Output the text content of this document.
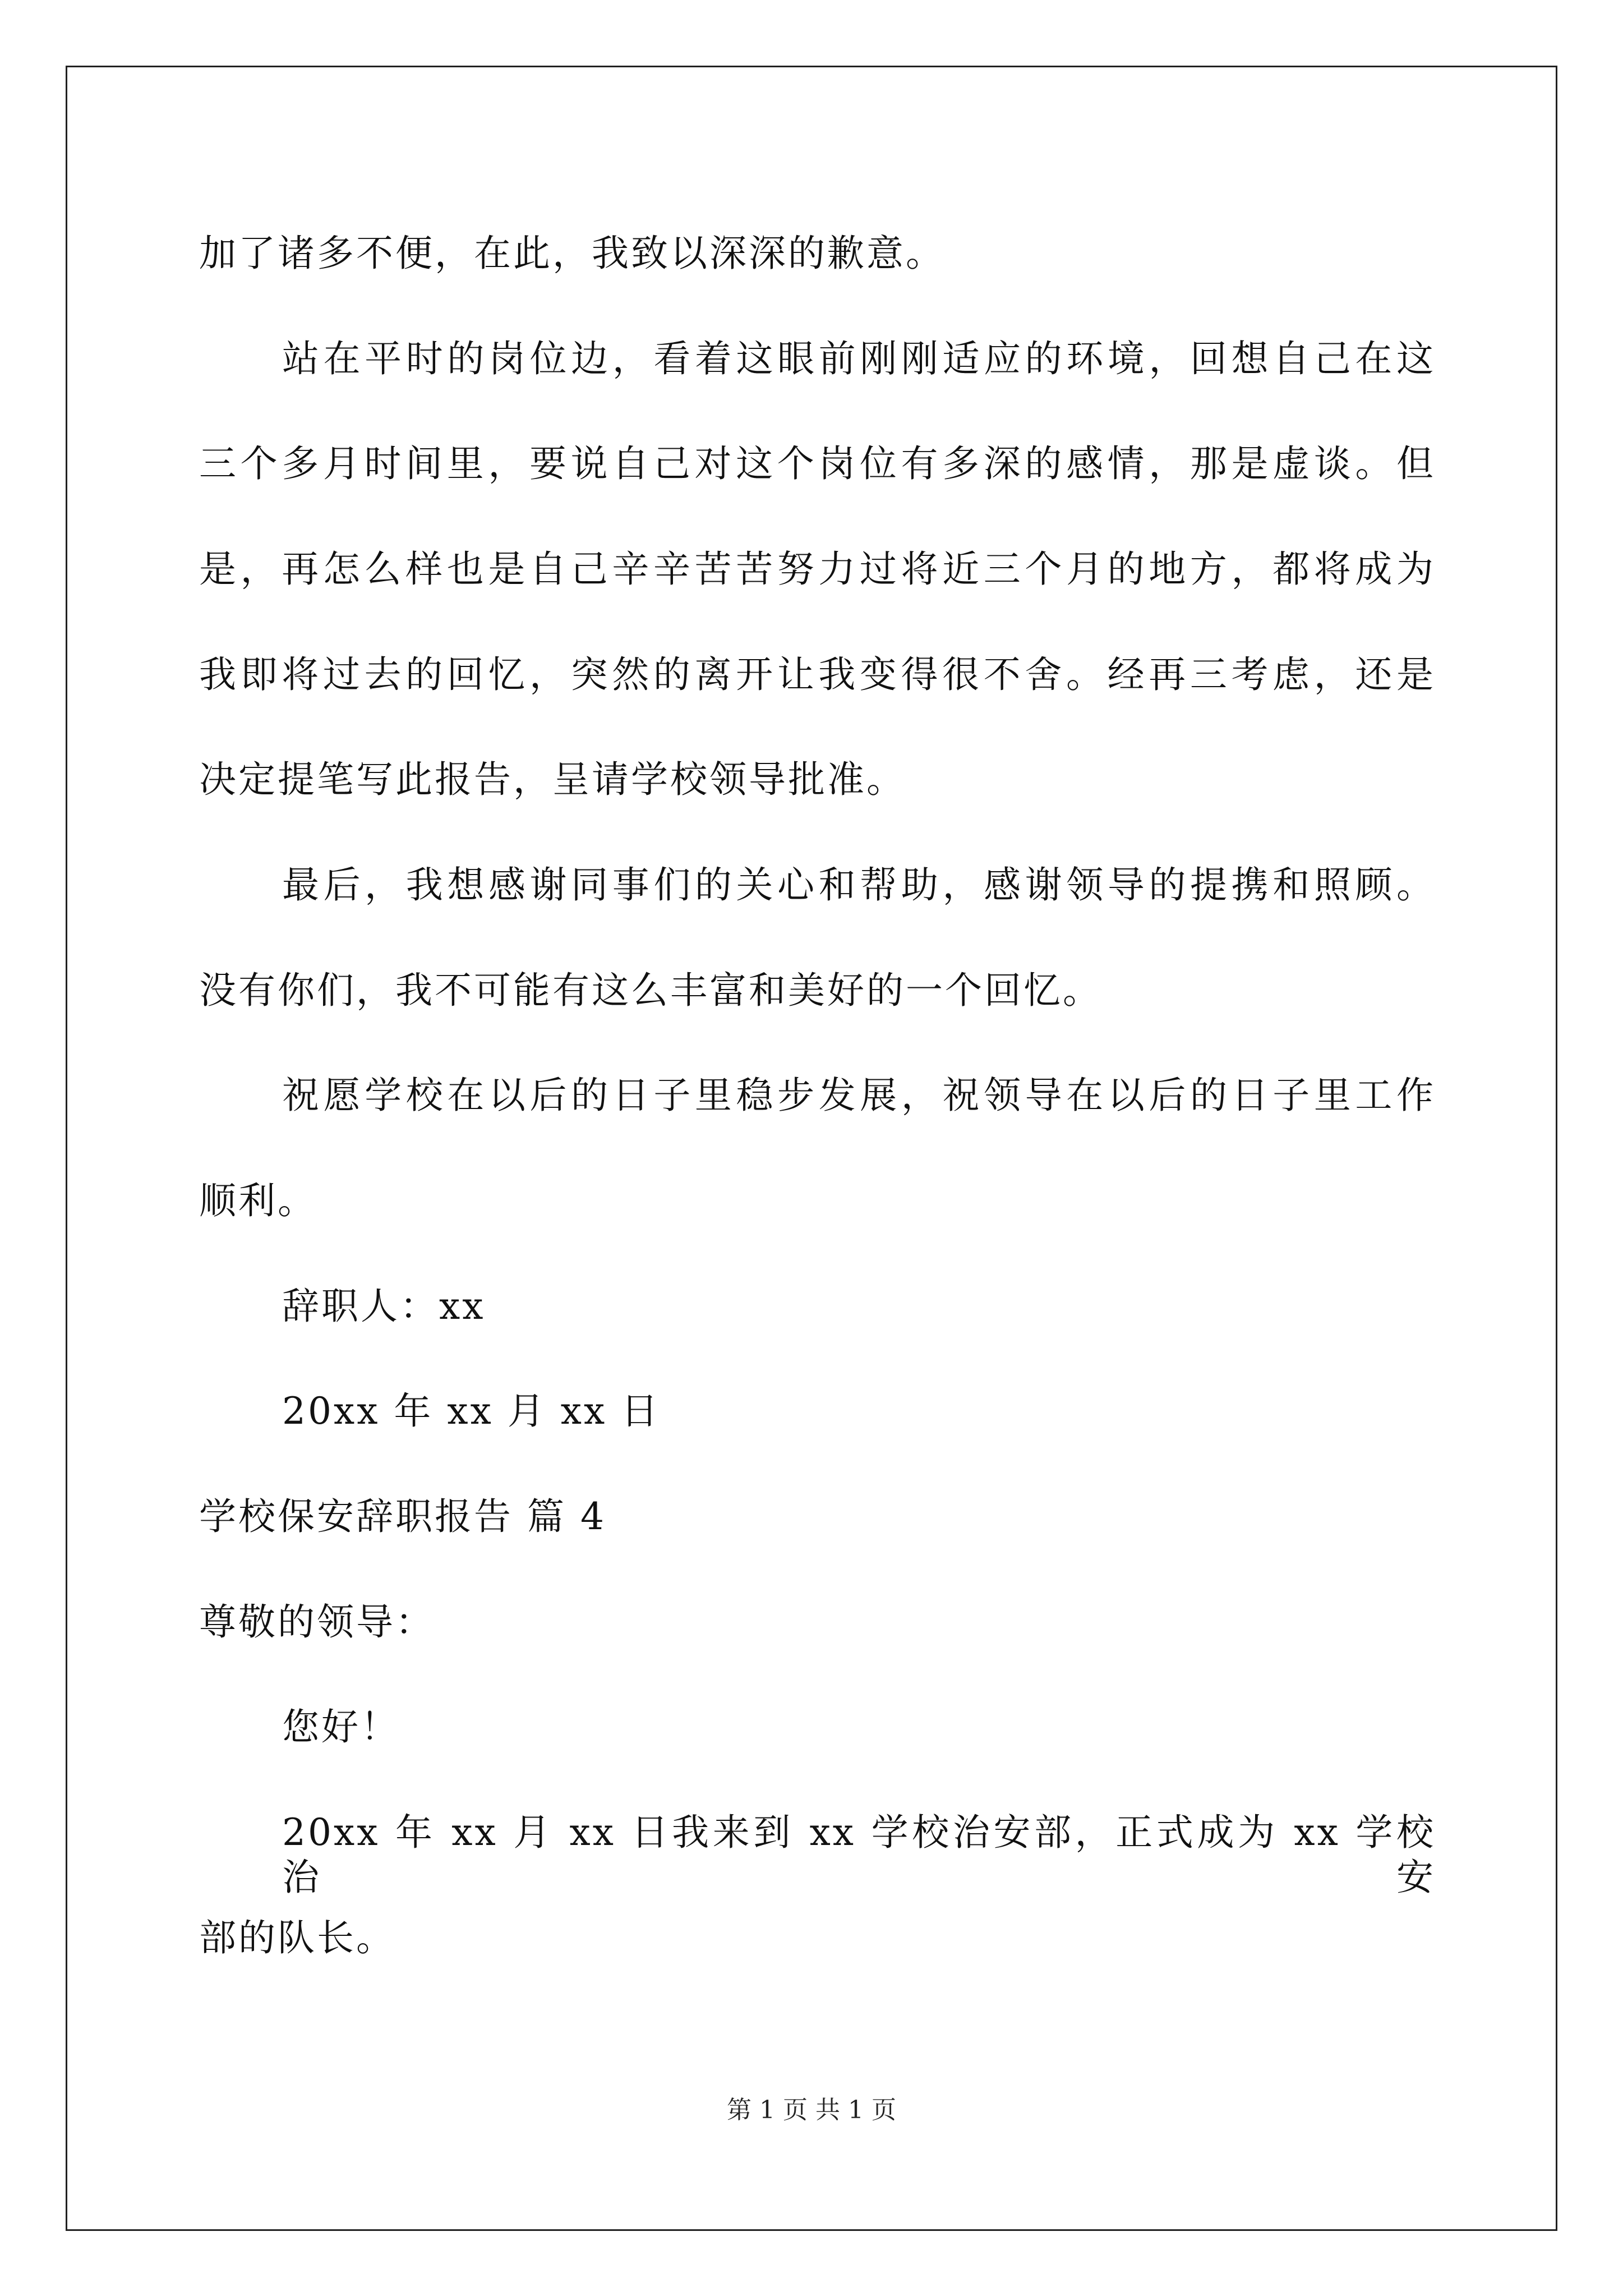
加了诸多不便，在此，我致以深深的歉意。
站在平时的岗位边，看着这眼前刚刚适应的环境，回想自己在这
三个多月时间里，要说自己对这个岗位有多深的感情，那是虚谈。但
是，再怎么样也是自己辛辛苦苦努力过将近三个月的地方，都将成为
我即将过去的回忆，突然的离开让我变得很不舍。经再三考虑，还是
决定提笔写此报告，呈请学校领导批准。
最后，我想感谢同事们的关心和帮助，感谢领导的提携和照顾。
没有你们，我不可能有这么丰富和美好的一个回忆。
祝愿学校在以后的日子里稳步发展，祝领导在以后的日子里工作
顺利。
辞职人：xx
20xx 年 xx 月 xx 日
学校保安辞职报告 篇 4
尊敬的领导：
您好！
20xx 年 xx 月 xx 日我来到 xx 学校治安部，正式成为 xx 学校治安
部的队长。
第 1 页 共 1 页
